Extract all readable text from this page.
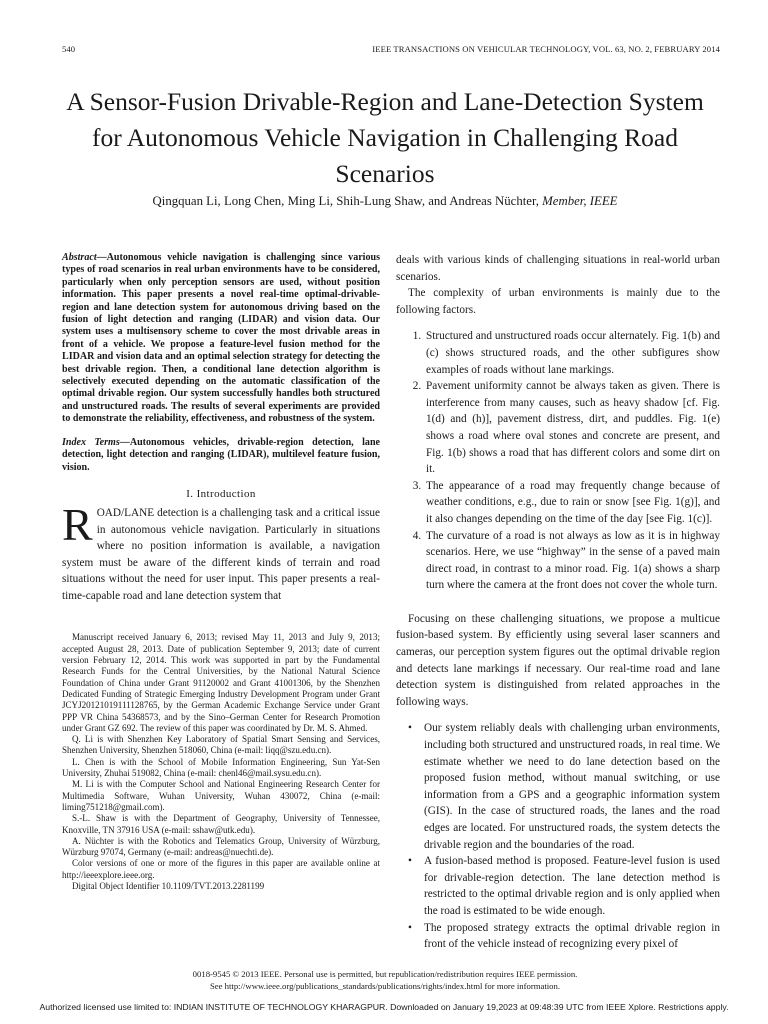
540	IEEE TRANSACTIONS ON VEHICULAR TECHNOLOGY, VOL. 63, NO. 2, FEBRUARY 2014
A Sensor-Fusion Drivable-Region and Lane-Detection System for Autonomous Vehicle Navigation in Challenging Road Scenarios
Qingquan Li, Long Chen, Ming Li, Shih-Lung Shaw, and Andreas Nüchter, Member, IEEE

Abstract—Autonomous vehicle navigation is challenging since various types of road scenarios in real urban environments have to be considered, particularly when only perception sensors are used, without position information. This paper presents a novel real-time optimal-drivable-region and lane detection system for autonomous driving based on the fusion of light detection and ranging (LIDAR) and vision data. Our system uses a multisensory scheme to cover the most drivable areas in front of a vehicle. We propose a feature-level fusion method for the LIDAR and vision data and an optimal selection strategy for detecting the best drivable region. Then, a conditional lane detection algorithm is selectively executed depending on the automatic classification of the optimal drivable region. Our system successfully handles both structured and unstructured roads. The results of several experiments are provided to demonstrate the reliability, effectiveness, and robustness of the system.

Index Terms—Autonomous vehicles, drivable-region detection, lane detection, light detection and ranging (LIDAR), multilevel feature fusion, vision.

I. Introduction

ROAD/LANE detection is a challenging task and a critical issue in autonomous vehicle navigation. Particularly in situations where no position information is available, a navigation system must be aware of the different kinds of terrain and road situations without the need for user input. This paper presents a real-time-capable road and lane detection system that

Manuscript received January 6, 2013; revised May 11, 2013 and July 9, 2013; accepted August 28, 2013. Date of publication September 9, 2013; date of current version February 12, 2014. This work was supported in part by the Fundamental Research Funds for the Central Universities, by the National Natural Science Foundation of China under Grant 91120002 and Grant 41001306, by the Shenzhen Dedicated Funding of Strategic Emerging Industry Development Program under Grant JCYJ20121019111128765, by the German Academic Exchange Service under Grant PPP VR China 54368573, and by the Sino–German Center for Research Promotion under Grant GZ 692. The review of this paper was coordinated by Dr. M. S. Ahmed.

Q. Li is with Shenzhen Key Laboratory of Spatial Smart Sensing and Services, Shenzhen University, Shenzhen 518060, China (e-mail: liqq@szu.edu.cn).

L. Chen is with the School of Mobile Information Engineering, Sun Yat-Sen University, Zhuhai 519082, China (e-mail: chenl46@mail.sysu.edu.cn).

M. Li is with the Computer School and National Engineering Research Center for Multimedia Software, Wuhan University, Wuhan 430072, China (e-mail: liming751218@gmail.com).

S.-L. Shaw is with the Department of Geography, University of Tennessee, Knoxville, TN 37916 USA (e-mail: sshaw@utk.edu).

A. Nüchter is with the Robotics and Telematics Group, University of Würzburg, Würzburg 97074, Germany (e-mail: andreas@nuechti.de).

Color versions of one or more of the figures in this paper are available online at http://ieeexplore.ieee.org.

Digital Object Identifier 10.1109/TVT.2013.2281199

deals with various kinds of challenging situations in real-world urban scenarios.

The complexity of urban environments is mainly due to the following factors.

1. Structured and unstructured roads occur alternately. Fig. 1(b) and (c) shows structured roads, and the other subfigures show examples of roads without lane markings.
2. Pavement uniformity cannot be always taken as given. There is interference from many causes, such as heavy shadow [cf. Fig. 1(d) and (h)], pavement distress, dirt, and puddles. Fig. 1(e) shows a road where oval stones and concrete are present, and Fig. 1(b) shows a road that has different colors and some dirt on it.
3. The appearance of a road may frequently change because of weather conditions, e.g., due to rain or snow [see Fig. 1(g)], and it also changes depending on the time of the day [see Fig. 1(c)].
4. The curvature of a road is not always as low as it is in highway scenarios. Here, we use “highway” in the sense of a paved main direct road, in contrast to a minor road. Fig. 1(a) shows a sharp turn where the camera at the front does not cover the whole turn.

Focusing on these challenging situations, we propose a multicue fusion-based system. By efficiently using several laser scanners and cameras, our perception system figures out the optimal drivable region and detects lane markings if necessary. Our real-time road and lane detection system is distinguished from related approaches in the following ways.

• Our system reliably deals with challenging urban environments, including both structured and unstructured roads, in real time. We estimate whether we need to do lane detection based on the proposed fusion method, without manual switching, or use information from a GPS and a geographic information system (GIS). In the case of structured roads, the lanes and the road edges are located. For unstructured roads, the system detects the drivable region and the boundaries of the road.
• A fusion-based method is proposed. Feature-level fusion is used for drivable-region detection. The lane detection method is restricted to the optimal drivable region and is only applied when the road is estimated to be wide enough.
• The proposed strategy extracts the optimal drivable region in front of the vehicle instead of recognizing every pixel of
0018-9545 © 2013 IEEE. Personal use is permitted, but republication/redistribution requires IEEE permission.
See http://www.ieee.org/publications_standards/publications/rights/index.html for more information.
Authorized licensed use limited to: INDIAN INSTITUTE OF TECHNOLOGY KHARAGPUR. Downloaded on January 19,2023 at 09:48:39 UTC from IEEE Xplore. Restrictions apply.
